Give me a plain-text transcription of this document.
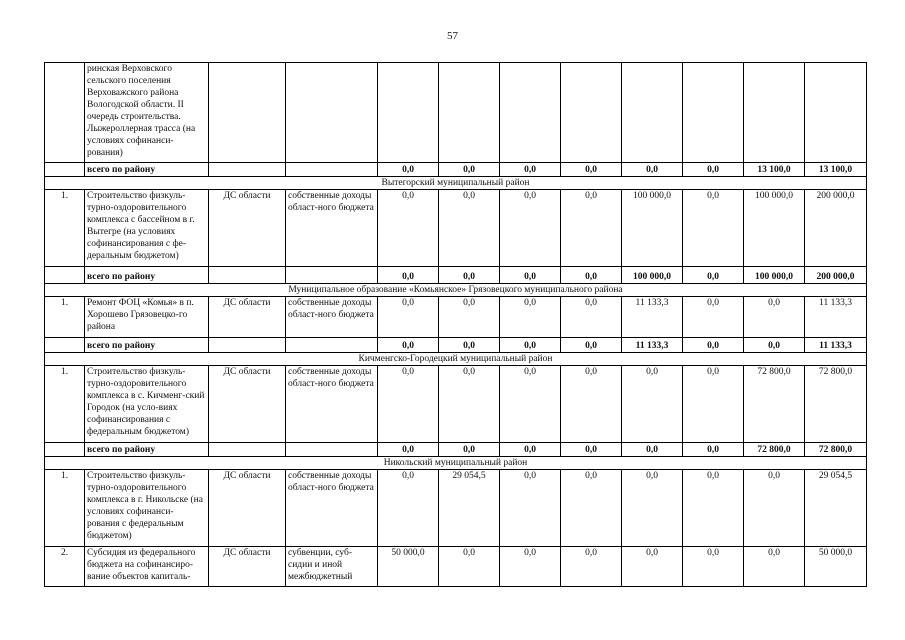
57
	ринская Верховского сельского поселения Верховажского района Вологодской области. II очередь строительства. Лыжероллерная трасса (на условиях софинанси-рования)										
	всего по району			0,0	0,0	0,0	0,0	0,0	0,0	13 100,0	13 100,0
Вытегорский муниципальный район											
1.	Строительство физкуль-турно-оздоровительного комплекса с бассейном в г. Вытегре (на условиях софинансирования с фе-деральным бюджетом)	ДС области	собственные доходы област-ного бюджета	0,0	0,0	0,0	0,0	100 000,0	0,0	100 000,0	200 000,0
	всего по району			0,0	0,0	0,0	0,0	100 000,0	0,0	100 000,0	200 000,0
Муниципальное образование «Комьянское» Грязовецкого муниципального района											
1.	Ремонт ФОЦ «Комья» в п. Хорошево Грязовецко-го района	ДС области	собственные доходы област-ного бюджета	0,0	0,0	0,0	0,0	11 133,3	0,0	0,0	11 133,3
	всего по району			0,0	0,0	0,0	0,0	11 133,3	0,0	0,0	11 133,3
Кичменгско-Городецкий муниципальный район											
1.	Строительство физкуль-турно-оздоровительного комплекса в с. Кичменг-ский Городок (на усло-виях софинансирования с федеральным бюджетом)	ДС области	собственные доходы област-ного бюджета	0,0	0,0	0,0	0,0	0,0	0,0	72 800,0	72 800,0
	всего по району			0,0	0,0	0,0	0,0	0,0	0,0	72 800,0	72 800,0
Никольский муниципальный район											
1.	Строительство физкуль-турно-оздоровительного комплекса в г. Никольске (на условиях софинанси-рования с федеральным бюджетом)	ДС области	собственные доходы област-ного бюджета	0,0	29 054,5	0,0	0,0	0,0	0,0	0,0	29 054,5
2.	Субсидия из федерального бюджета на софинансиро-вание объектов капиталь-	ДС области	субвенции, суб-сидии и иной межбюджетный	50 000,0	0,0	0,0	0,0	0,0	0,0	0,0	50 000,0
